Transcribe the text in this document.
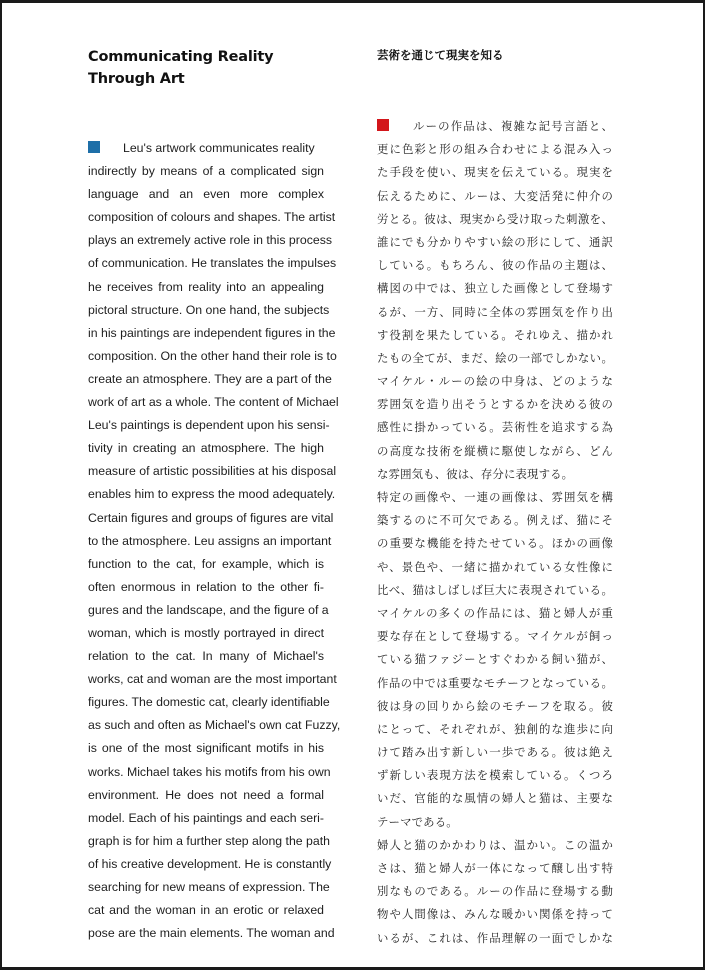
Communicating Reality
Through Art
芸術を通じて現実を知る
Leu's artwork communicates reality
indirectly by means of a complicated sign
language and an even more complex
composition of colours and shapes. The artist
plays an extremely active role in this process
of communication. He translates the impulses
he receives from reality into an appealing
pictoral structure. On one hand, the subjects
in his paintings are independent figures in the
composition. On the other hand their role is to
create an atmosphere. They are a part of the
work of art as a whole. The content of Michael
Leu's paintings is dependent upon his sensi-
tivity in creating an atmosphere. The high
measure of artistic possibilities at his disposal
enables him to express the mood adequately.
Certain figures and groups of figures are vital
to the atmosphere. Leu assigns an important
function to the cat, for example, which is
often enormous in relation to the other fi-
gures and the landscape, and the figure of a
woman, which is mostly portrayed in direct
relation to the cat. In many of Michael's
works, cat and woman are the most important
figures. The domestic cat, clearly identifiable
as such and often as Michael's own cat Fuzzy,
is one of the most significant motifs in his
works. Michael takes his motifs from his own
environment. He does not need a formal
model. Each of his paintings and each seri-
graph is for him a further step along the path
of his creative development. He is constantly
searching for new means of expression. The
cat and the woman in an erotic or relaxed
pose are the main elements. The woman and
ルーの作品は、複雑な記号言語と、
更に色彩と形の組み合わせによる混み入っ
た手段を使い、現実を伝えている。現実を
伝えるために、ルーは、大変活発に仲介の
労とる。彼は、現実から受け取った刺激を、
誰にでも分かりやすい絵の形にして、通訳
している。もちろん、彼の作品の主題は、
構図の中では、独立した画像として登場す
るが、一方、同時に全体の雰囲気を作り出
す役割を果たしている。それゆえ、描かれ
たもの全てが、まだ、絵の一部でしかない。
マイケル・ルーの絵の中身は、どのような
雰囲気を造り出そうとするかを決める彼の
感性に掛かっている。芸術性を追求する為
の高度な技術を縦横に駆使しながら、どん
な雰囲気も、彼は、存分に表現する。
特定の画像や、一連の画像は、雰囲気を構
築するのに不可欠である。例えば、猫にそ
の重要な機能を持たせている。ほかの画像
や、景色や、一緒に描かれている女性像に
比べ、猫はしばしば巨大に表現されている。
マイケルの多くの作品には、猫と婦人が重
要な存在として登場する。マイケルが飼っ
ている猫ファジーとすぐわかる飼い猫が、
作品の中では重要なモチーフとなっている。
彼は身の回りから絵のモチーフを取る。彼
にとって、それぞれが、独創的な進歩に向
けて踏み出す新しい一歩である。彼は絶え
ず新しい表現方法を模索している。くつろ
いだ、官能的な風情の婦人と猫は、主要な
テーマである。
婦人と猫のかかわりは、温かい。この温か
さは、猫と婦人が一体になって醸し出す特
別なものである。ルーの作品に登場する動
物や人間像は、みんな暖かい関係を持って
いるが、これは、作品理解の一面でしかな
